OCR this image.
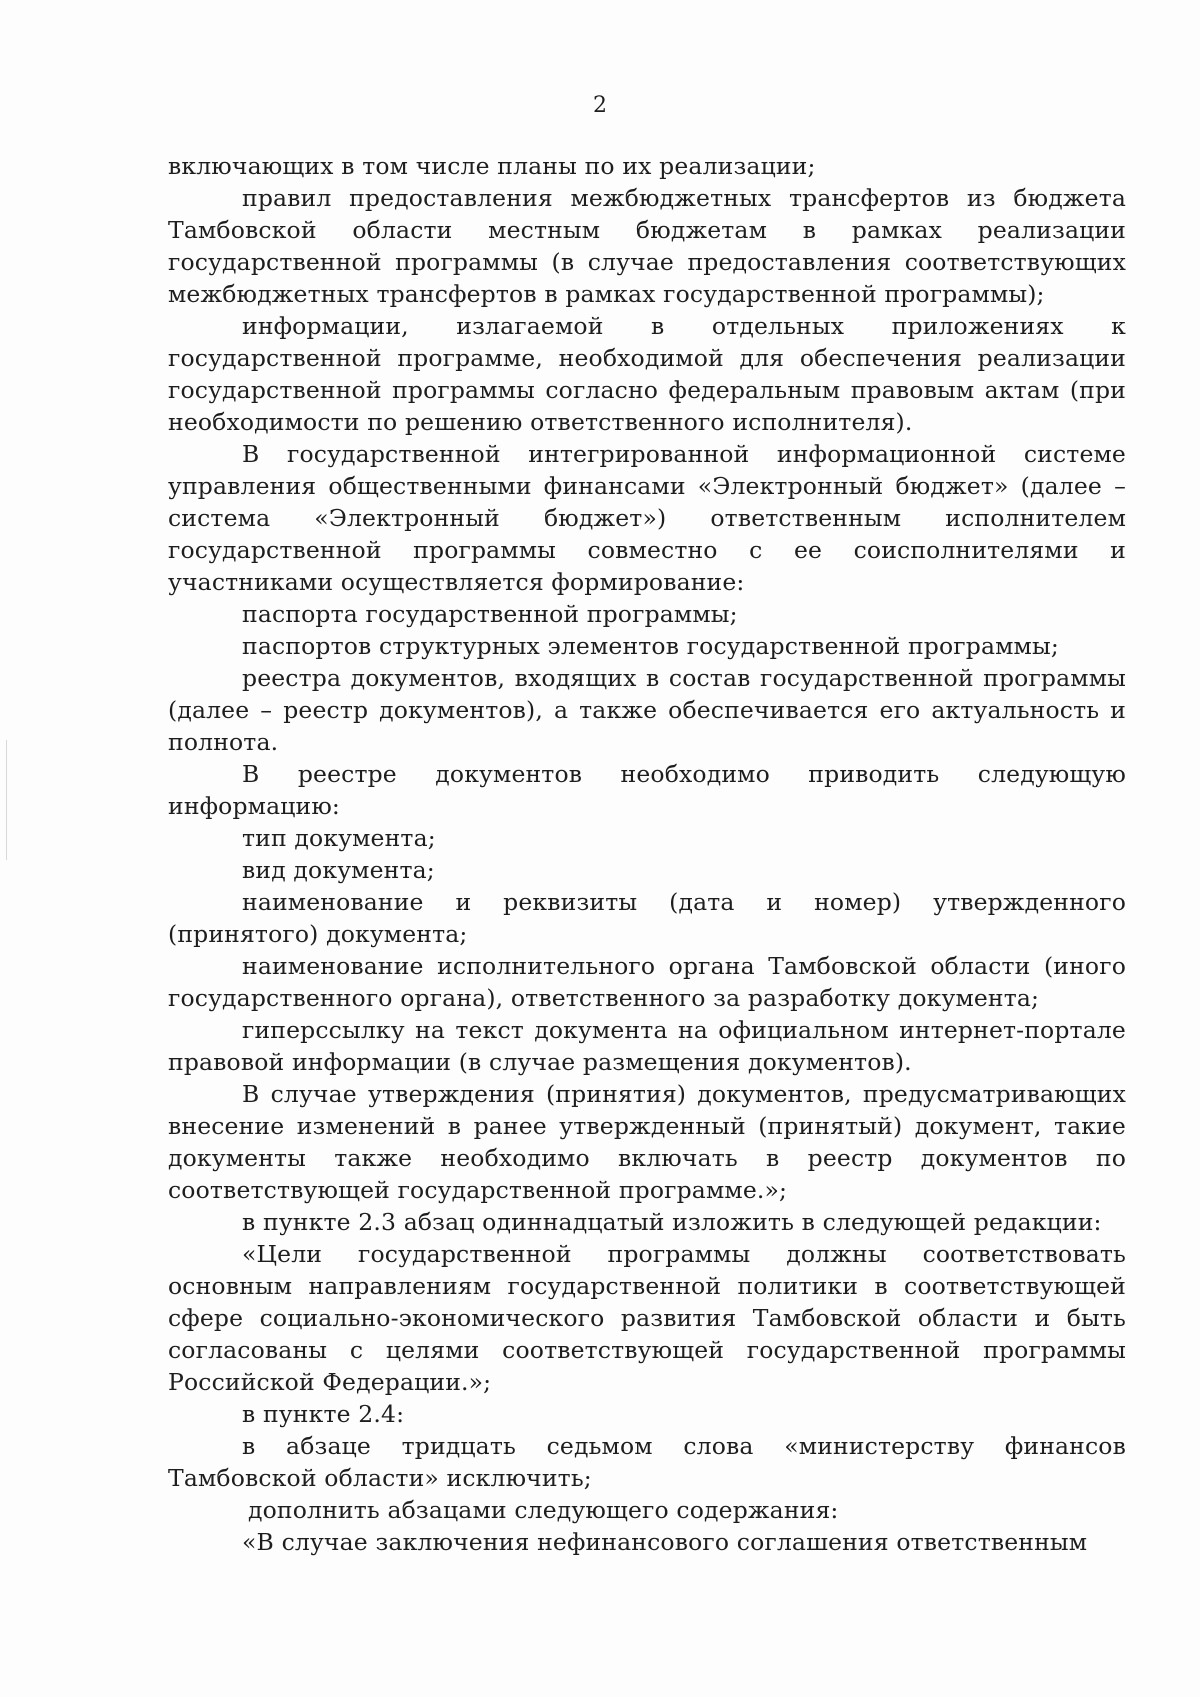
2

включающих в том числе планы по их реализации;

правил предоставления межбюджетных трансфертов из бюджета Тамбовской области местным бюджетам в рамках реализации государственной программы (в случае предоставления соответствующих межбюджетных трансфертов в рамках государственной программы);

информации, излагаемой в отдельных приложениях к государственной программе, необходимой для обеспечения реализации государственной программы согласно федеральным правовым актам (при необходимости по решению ответственного исполнителя).

В государственной интегрированной информационной системе управления общественными финансами «Электронный бюджет» (далее – система «Электронный бюджет») ответственным исполнителем государственной программы совместно с ее соисполнителями и участниками осуществляется формирование:

паспорта государственной программы;

паспортов структурных элементов государственной программы;

реестра документов, входящих в состав государственной программы (далее – реестр документов), а также обеспечивается его актуальность и полнота.

В реестре документов необходимо приводить следующую информацию:

тип документа;

вид документа;

наименование и реквизиты (дата и номер) утвержденного (принятого) документа;

наименование исполнительного органа Тамбовской области (иного государственного органа), ответственного за разработку документа;

гиперссылку на текст документа на официальном интернет-портале правовой информации (в случае размещения документов).

В случае утверждения (принятия) документов, предусматривающих внесение изменений в ранее утвержденный (принятый) документ, такие документы также необходимо включать в реестр документов по соответствующей государственной программе.»;

в пункте 2.3 абзац одиннадцатый изложить в следующей редакции:

«Цели государственной программы должны соответствовать основным направлениям государственной политики в соответствующей сфере социально-экономического развития Тамбовской области и быть согласованы с целями соответствующей государственной программы Российской Федерации.»;

в пункте 2.4:

в абзаце тридцать седьмом слова «министерству финансов Тамбовской области» исключить;

дополнить абзацами следующего содержания:

«В случае заключения нефинансового соглашения ответственным
